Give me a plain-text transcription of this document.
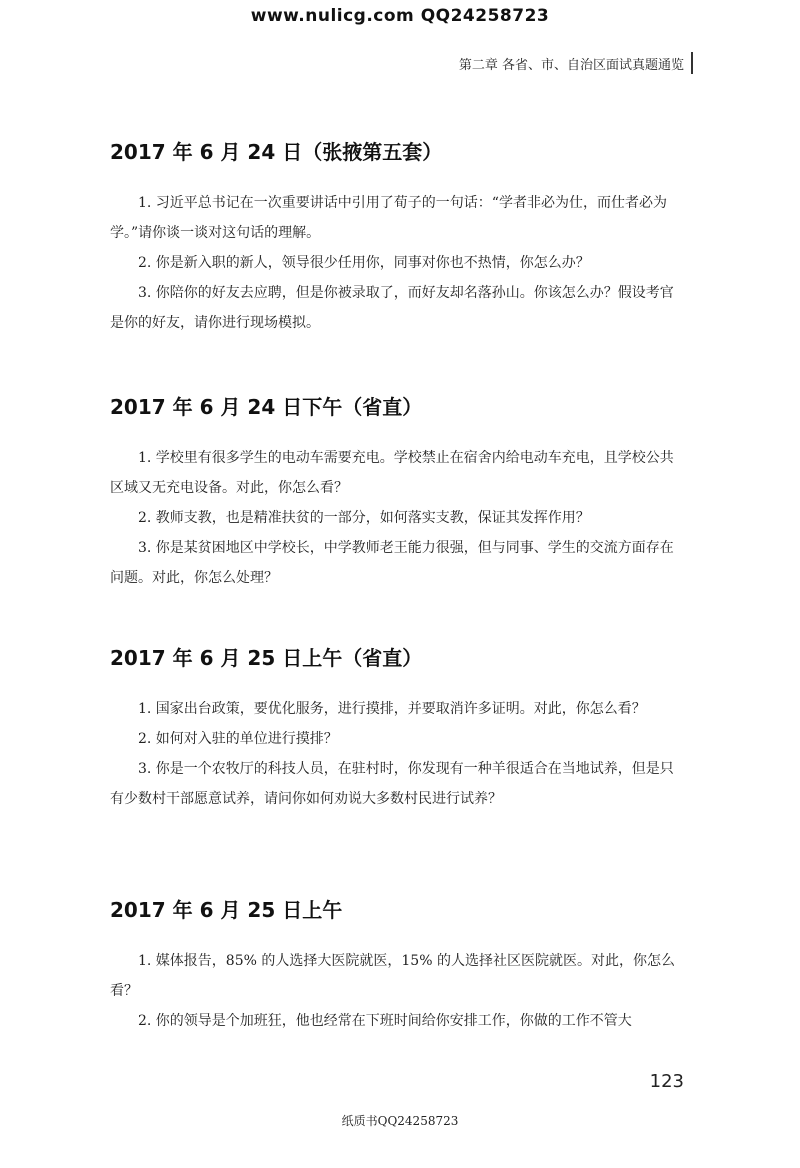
www.nulicg.com QQ24258723
第二章 各省、市、自治区面试真题通览
2017 年 6 月 24 日（张掖第五套）

1. 习近平总书记在一次重要讲话中引用了荀子的一句话：“学者非必为仕，而仕者必为学。”请你谈一谈对这句话的理解。

2. 你是新入职的新人，领导很少任用你，同事对你也不热情，你怎么办？

3. 你陪你的好友去应聘，但是你被录取了，而好友却名落孙山。你该怎么办？假设考官是你的好友，请你进行现场模拟。

2017 年 6 月 24 日下午（省直）

1. 学校里有很多学生的电动车需要充电。学校禁止在宿舍内给电动车充电，且学校公共区域又无充电设备。对此，你怎么看？

2. 教师支教，也是精准扶贫的一部分，如何落实支教，保证其发挥作用？

3. 你是某贫困地区中学校长，中学教师老王能力很强，但与同事、学生的交流方面存在问题。对此，你怎么处理？

2017 年 6 月 25 日上午（省直）

1. 国家出台政策，要优化服务，进行摸排，并要取消许多证明。对此，你怎么看？

2. 如何对入驻的单位进行摸排？

3. 你是一个农牧厅的科技人员，在驻村时，你发现有一种羊很适合在当地试养，但是只有少数村干部愿意试养，请问你如何劝说大多数村民进行试养？

2017 年 6 月 25 日上午

1. 媒体报告，85% 的人选择大医院就医，15% 的人选择社区医院就医。对此，你怎么看？

2. 你的领导是个加班狂，他也经常在下班时间给你安排工作，你做的工作不管大

123
纸质书QQ24258723
